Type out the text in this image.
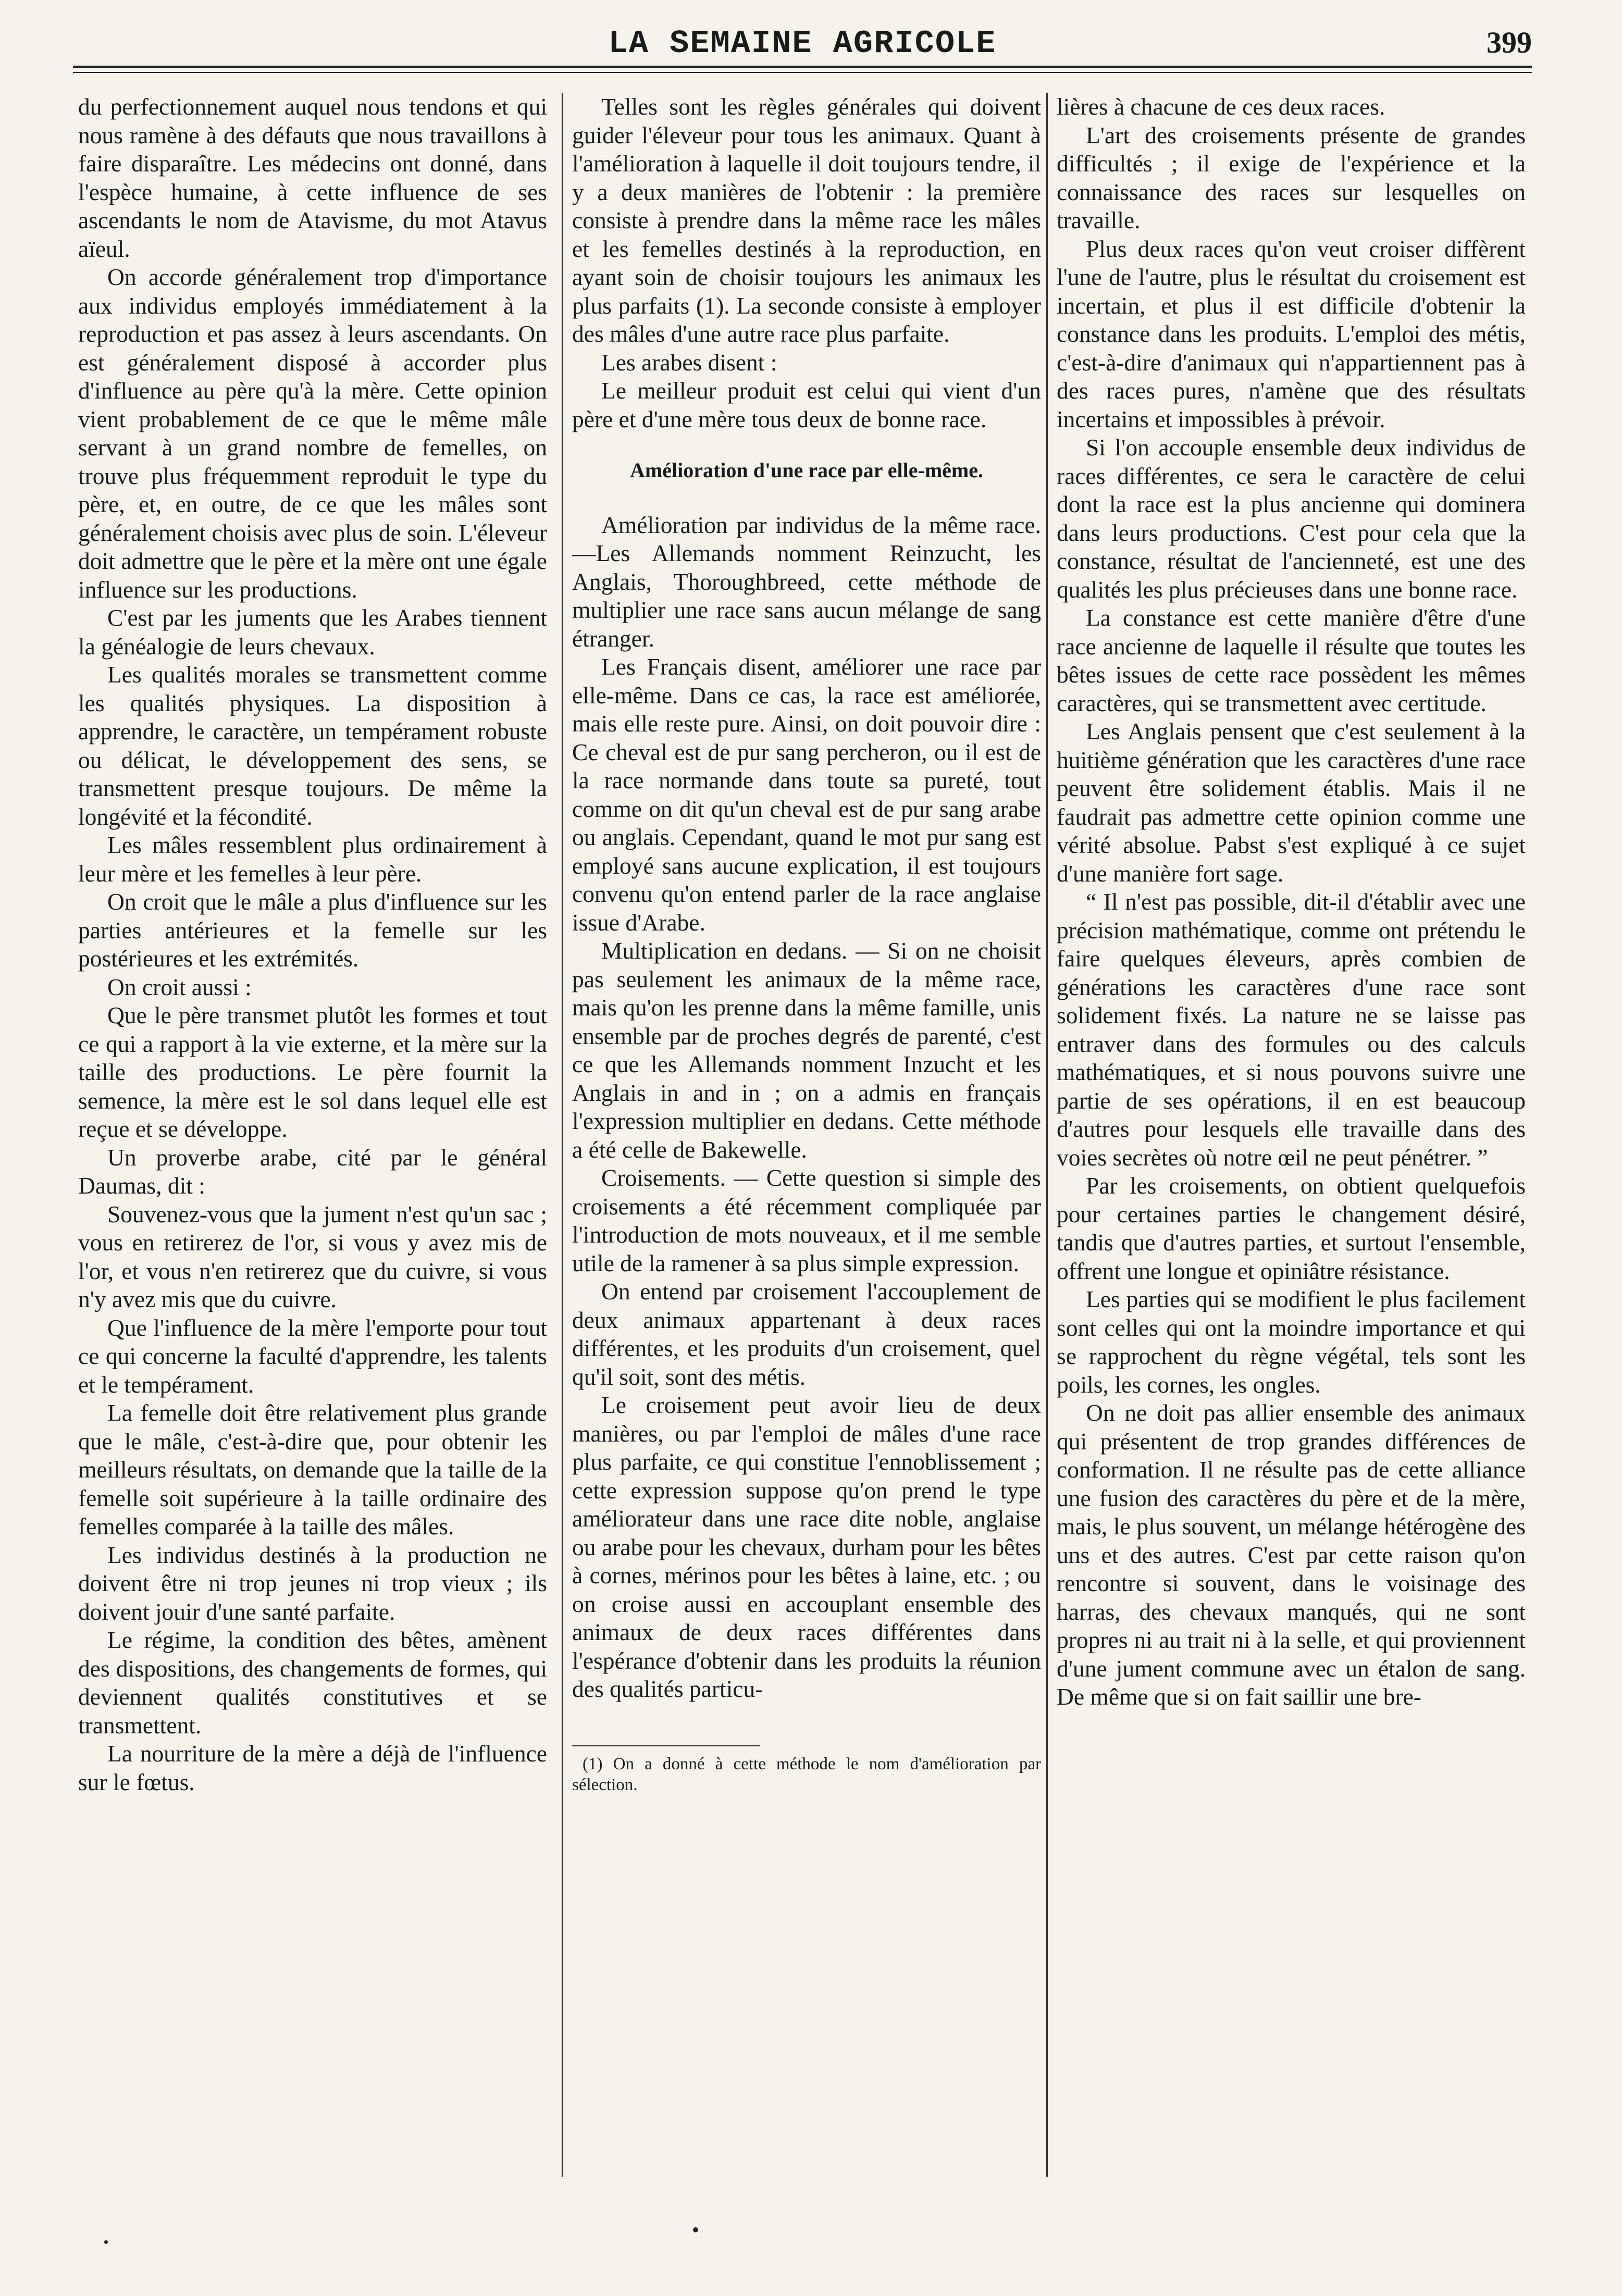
LA SEMAINE AGRICOLE	399

du perfectionnement auquel nous tendons et qui nous ramène à des défauts que nous travaillons à faire disparaître. Les médecins ont donné, dans l'espèce humaine, à cette influence de ses ascendants le nom de Atavisme, du mot Atavus aïeul.

On accorde généralement trop d'importance aux individus employés immédiatement à la reproduction et pas assez à leurs ascendants. On est généralement disposé à accorder plus d'influence au père qu'à la mère. Cette opinion vient probablement de ce que le même mâle servant à un grand nombre de femelles, on trouve plus fréquemment reproduit le type du père, et, en outre, de ce que les mâles sont généralement choisis avec plus de soin. L'éleveur doit admettre que le père et la mère ont une égale influence sur les productions.

C'est par les juments que les Arabes tiennent la généalogie de leurs chevaux.

Les qualités morales se transmettent comme les qualités physiques. La disposition à apprendre, le caractère, un tempérament robuste ou délicat, le développement des sens, se transmettent presque toujours. De même la longévité et la fécondité.

Les mâles ressemblent plus ordinairement à leur mère et les femelles à leur père.

On croit que le mâle a plus d'influence sur les parties antérieures et la femelle sur les postérieures et les extrémités.

On croit aussi :

Que le père transmet plutôt les formes et tout ce qui a rapport à la vie externe, et la mère sur la taille des productions. Le père fournit la semence, la mère est le sol dans lequel elle est reçue et se développe.

Un proverbe arabe, cité par le général Daumas, dit :

Souvenez-vous que la jument n'est qu'un sac ; vous en retirerez de l'or, si vous y avez mis de l'or, et vous n'en retirerez que du cuivre, si vous n'y avez mis que du cuivre.

Que l'influence de la mère l'emporte pour tout ce qui concerne la faculté d'apprendre, les talents et le tempérament.

La femelle doit être relativement plus grande que le mâle, c'est-à-dire que, pour obtenir les meilleurs résultats, on demande que la taille de la femelle soit supérieure à la taille ordinaire des femelles comparée à la taille des mâles.

Les individus destinés à la production ne doivent être ni trop jeunes ni trop vieux ; ils doivent jouir d'une santé parfaite.

Le régime, la condition des bêtes, amènent des dispositions, des changements de formes, qui deviennent qualités constitutives et se transmettent.

La nourriture de la mère a déjà de l'influence sur le fœtus.

Telles sont les règles générales qui doivent guider l'éleveur pour tous les animaux. Quant à l'amélioration à laquelle il doit toujours tendre, il y a deux manières de l'obtenir : la première consiste à prendre dans la même race les mâles et les femelles destinés à la reproduction, en ayant soin de choisir toujours les animaux les plus parfaits (1). La seconde consiste à employer des mâles d'une autre race plus parfaite.

Les arabes disent :

Le meilleur produit est celui qui vient d'un père et d'une mère tous deux de bonne race.

Amélioration d'une race par elle-même.

Amélioration par individus de la même race.—Les Allemands nomment Reinzucht, les Anglais, Thoroughbreed, cette méthode de multiplier une race sans aucun mélange de sang étranger.

Les Français disent, améliorer une race par elle-même. Dans ce cas, la race est améliorée, mais elle reste pure. Ainsi, on doit pouvoir dire : Ce cheval est de pur sang percheron, ou il est de la race normande dans toute sa pureté, tout comme on dit qu'un cheval est de pur sang arabe ou anglais. Cependant, quand le mot pur sang est employé sans aucune explication, il est toujours convenu qu'on entend parler de la race anglaise issue d'Arabe.

Multiplication en dedans. — Si on ne choisit pas seulement les animaux de la même race, mais qu'on les prenne dans la même famille, unis ensemble par de proches degrés de parenté, c'est ce que les Allemands nomment Inzucht et les Anglais in and in ; on a admis en français l'expression multiplier en dedans. Cette méthode a été celle de Bakewelle.

Croisements. — Cette question si simple des croisements a été récemment compliquée par l'introduction de mots nouveaux, et il me semble utile de la ramener à sa plus simple expression.

On entend par croisement l'accouplement de deux animaux appartenant à deux races différentes, et les produits d'un croisement, quel qu'il soit, sont des métis.

Le croisement peut avoir lieu de deux manières, ou par l'emploi de mâles d'une race plus parfaite, ce qui constitue l'ennoblissement ; cette expression suppose qu'on prend le type améliorateur dans une race dite noble, anglaise ou arabe pour les chevaux, durham pour les bêtes à cornes, mérinos pour les bêtes à laine, etc. ; ou on croise aussi en accouplant ensemble des animaux de deux races différentes dans l'espérance d'obtenir dans les produits la réunion des qualités particu-

(1) On a donné à cette méthode le nom d'amélioration par sélection.

lières à chacune de ces deux races.

L'art des croisements présente de grandes difficultés ; il exige de l'expérience et la connaissance des races sur lesquelles on travaille.

Plus deux races qu'on veut croiser diffèrent l'une de l'autre, plus le résultat du croisement est incertain, et plus il est difficile d'obtenir la constance dans les produits. L'emploi des métis, c'est-à-dire d'animaux qui n'appartiennent pas à des races pures, n'amène que des résultats incertains et impossibles à prévoir.

Si l'on accouple ensemble deux individus de races différentes, ce sera le caractère de celui dont la race est la plus ancienne qui dominera dans leurs productions. C'est pour cela que la constance, résultat de l'ancienneté, est une des qualités les plus précieuses dans une bonne race.

La constance est cette manière d'être d'une race ancienne de laquelle il résulte que toutes les bêtes issues de cette race possèdent les mêmes caractères, qui se transmettent avec certitude.

Les Anglais pensent que c'est seulement à la huitième génération que les caractères d'une race peuvent être solidement établis. Mais il ne faudrait pas admettre cette opinion comme une vérité absolue. Pabst s'est expliqué à ce sujet d'une manière fort sage.

“ Il n'est pas possible, dit-il d'établir avec une précision mathématique, comme ont prétendu le faire quelques éleveurs, après combien de générations les caractères d'une race sont solidement fixés. La nature ne se laisse pas entraver dans des formules ou des calculs mathématiques, et si nous pouvons suivre une partie de ses opérations, il en est beaucoup d'autres pour lesquels elle travaille dans des voies secrètes où notre œil ne peut pénétrer. ”

Par les croisements, on obtient quelquefois pour certaines parties le changement désiré, tandis que d'autres parties, et surtout l'ensemble, offrent une longue et opiniâtre résistance.

Les parties qui se modifient le plus facilement sont celles qui ont la moindre importance et qui se rapprochent du règne végétal, tels sont les poils, les cornes, les ongles.

On ne doit pas allier ensemble des animaux qui présentent de trop grandes différences de conformation. Il ne résulte pas de cette alliance une fusion des caractères du père et de la mère, mais, le plus souvent, un mélange hétérogène des uns et des autres. C'est par cette raison qu'on rencontre si souvent, dans le voisinage des harras, des chevaux manqués, qui ne sont propres ni au trait ni à la selle, et qui proviennent d'une jument commune avec un étalon de sang. De même que si on fait saillir une bre-
